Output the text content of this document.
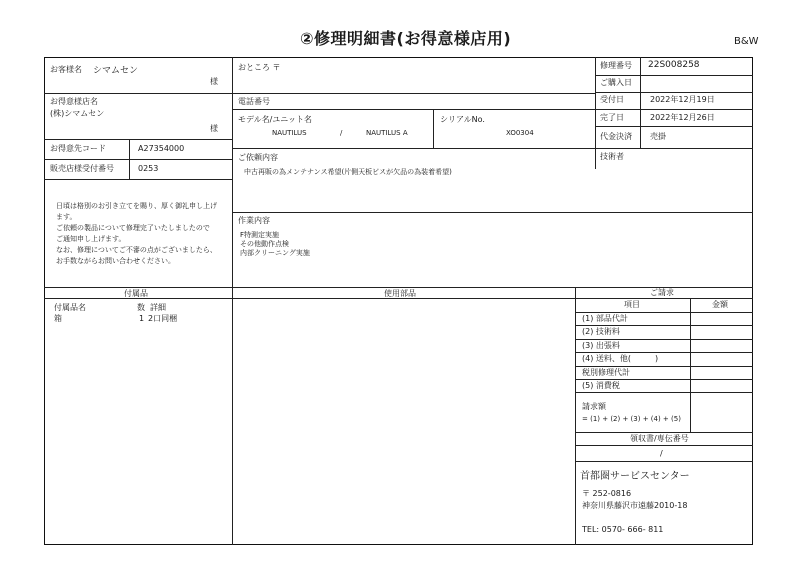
②修理明細書(お得意様店用)	B&W
お客様名 シマムセン
様
お得意様店名
(株)シマムセン
様
お得意先コード	A27354000
販売店様受付番号	0253
日頃は格別のお引き立てを賜り、厚く御礼申し上げ
ます。
ご依頼の製品について修理完了いたしましたので
ご通知申し上げます。
なお、修理についてご不審の点がございましたら、
お手数ながらお問い合わせください。
おところ 〒
電話番号
モデル名/ユニット名
NAUTILUS	/	NAUTILUS A
シリアルNo.
XO0304
修理番号 22S008258
ご購入日
受付日	2022年12月19日
完了日	2022年12月26日
代金決済 売掛
技術者
ご依頼内容
中古再販の為メンテナンス希望(片側天板ビスが欠品の為装着希望)
作業内容
F特測定実施
その他動作点検
内部クリーニング実施
付属品
付属品名	数 詳細
箱	1 2口同梱
使用部品	ご請求
項目	金額
(1) 部品代計
(2) 技術料
(3) 出張料
(4) 送料、他(　　　)
税別修理代計
(5) 消費税
請求額
= (1) + (2) + (3) + (4) + (5)
領収書/専伝番号
/
首都圏サービスセンター
〒 252-0816
神奈川県藤沢市遠藤2010-18
TEL: 0570- 666- 811
